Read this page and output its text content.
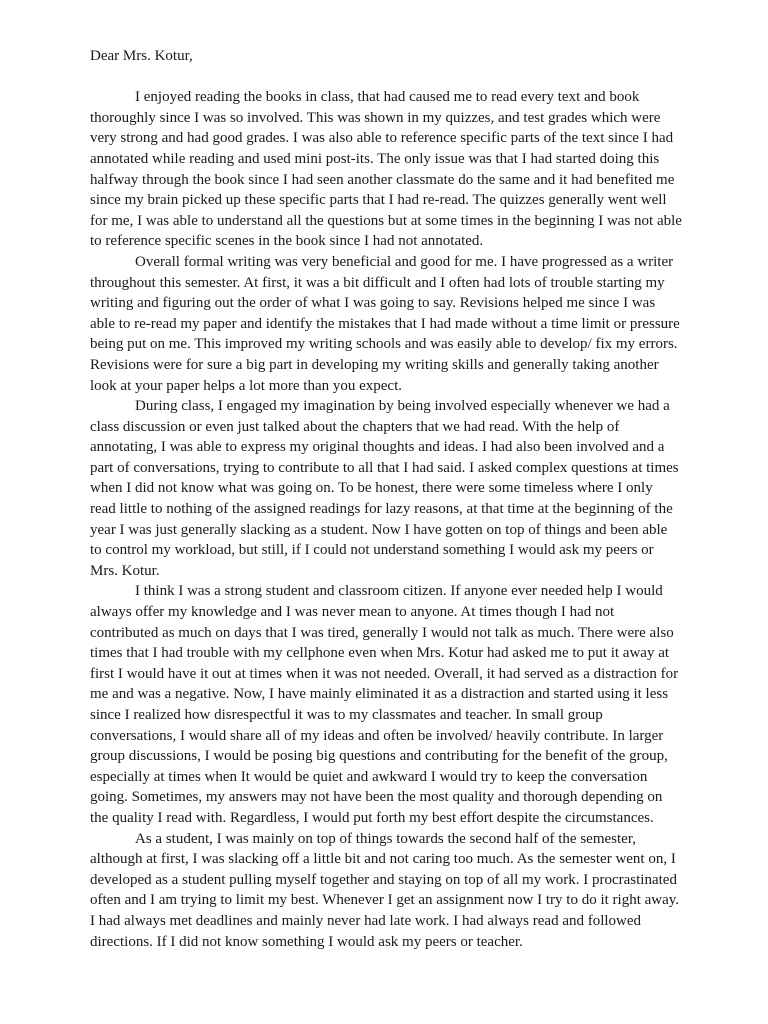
Dear Mrs. Kotur,

I enjoyed reading the books in class, that had caused me to read every text and book thoroughly since I was so involved. This was shown in my quizzes, and test grades which were very strong and had good grades. I was also able to reference specific parts of the text since I had annotated while reading and used mini post-its. The only issue was that I had started doing this halfway through the book since I had seen another classmate do the same and it had benefited me since my brain picked up these specific parts that I had re-read. The quizzes generally went well for me, I was able to understand all the questions but at some times in the beginning I was not able to reference specific scenes in the book since I had not annotated.

Overall formal writing was very beneficial and good for me. I have progressed as a writer throughout this semester. At first, it was a bit difficult and I often had lots of trouble starting my writing and figuring out the order of what I was going to say. Revisions helped me since I was able to re-read my paper and identify the mistakes that I had made without a time limit or pressure being put on me. This improved my writing schools and was easily able to develop/ fix my errors. Revisions were for sure a big part in developing my writing skills and generally taking another look at your paper helps a lot more than you expect.

During class, I engaged my imagination by being involved especially whenever we had a class discussion or even just talked about the chapters that we had read. With the help of annotating, I was able to express my original thoughts and ideas. I had also been involved and a part of conversations, trying to contribute to all that I had said. I asked complex questions at times when I did not know what was going on. To be honest, there were some timeless where I only read little to nothing of the assigned readings for lazy reasons, at that time at the beginning of the year I was just generally slacking as a student. Now I have gotten on top of things and been able to control my workload, but still, if I could not understand something I would ask my peers or Mrs. Kotur.

I think I was a strong student and classroom citizen. If anyone ever needed help I would always offer my knowledge and I was never mean to anyone. At times though I had not contributed as much on days that I was tired, generally I would not talk as much. There were also times that I had trouble with my cellphone even when Mrs. Kotur had asked me to put it away at first I would have it out at times when it was not needed. Overall, it had served as a distraction for me and was a negative. Now, I have mainly eliminated it as a distraction and started using it less since I realized how disrespectful it was to my classmates and teacher. In small group conversations, I would share all of my ideas and often be involved/ heavily contribute. In larger group discussions, I would be posing big questions and contributing for the benefit of the group, especially at times when It would be quiet and awkward I would try to keep the conversation going. Sometimes, my answers may not have been the most quality and thorough depending on the quality I read with. Regardless, I would put forth my best effort despite the circumstances.

As a student, I was mainly on top of things towards the second half of the semester, although at first, I was slacking off a little bit and not caring too much. As the semester went on, I developed as a student pulling myself together and staying on top of all my work. I procrastinated often and I am trying to limit my best. Whenever I get an assignment now I try to do it right away. I had always met deadlines and mainly never had late work. I had always read and followed directions. If I did not know something I would ask my peers or teacher.
